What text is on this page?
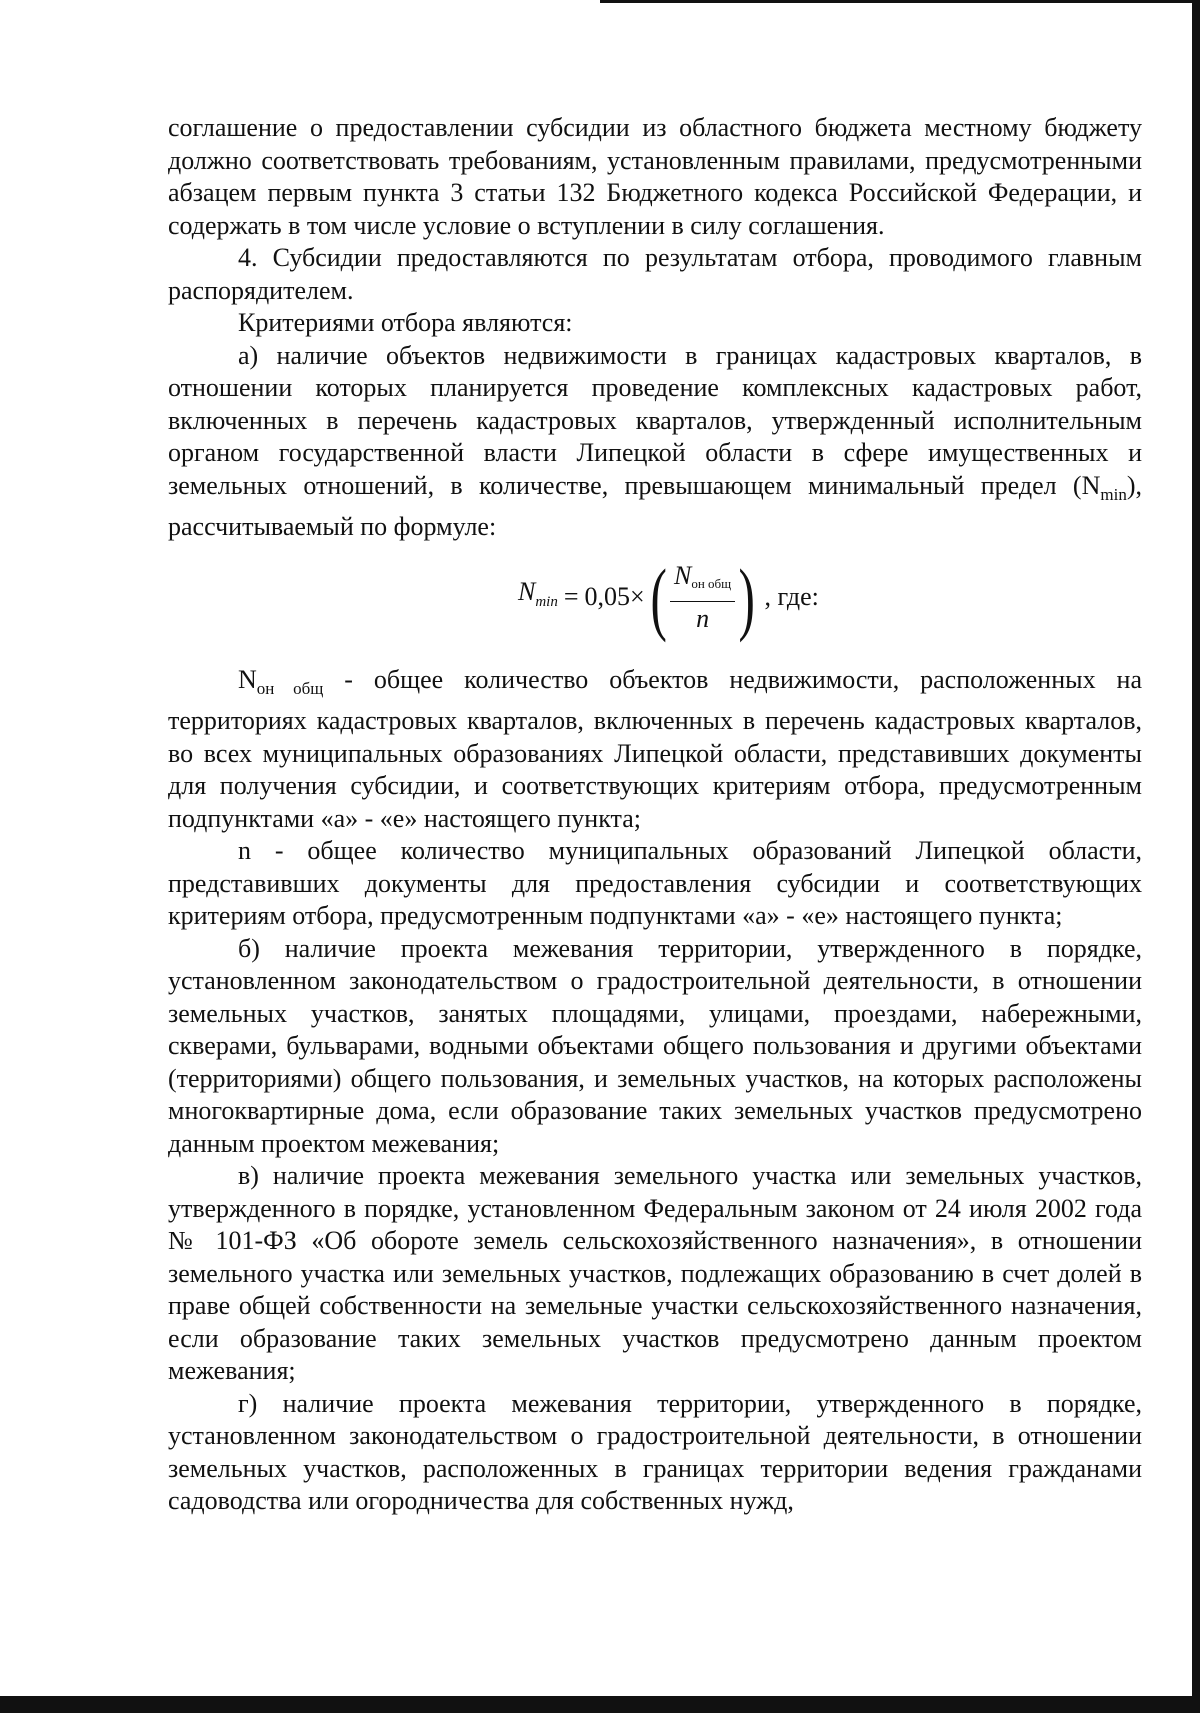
соглашение о предоставлении субсидии из областного бюджета местному бюджету должно соответствовать требованиям, установленным правилами, предусмотренными абзацем первым пункта 3 статьи 132 Бюджетного кодекса Российской Федерации, и содержать в том числе условие о вступлении в силу соглашения.

4. Субсидии предоставляются по результатам отбора, проводимого главным распорядителем.

Критериями отбора являются:

а) наличие объектов недвижимости в границах кадастровых кварталов, в отношении которых планируется проведение комплексных кадастровых работ, включенных в перечень кадастровых кварталов, утвержденный исполнительным органом государственной власти Липецкой области в сфере имущественных и земельных отношений, в количестве, превышающем минимальный предел $(N_{min})$, рассчитываемый по формуле:

$N_{min} = 0,05\times$ ( $\frac{N_{он общ}}{n}$ ) , где:

$N_{он общ}$ - общее количество объектов недвижимости, расположенных на территориях кадастровых кварталов, включенных в перечень кадастровых кварталов, во всех муниципальных образованиях Липецкой области, представивших документы для получения субсидии, и соответствующих критериям отбора, предусмотренным подпунктами «а» - «е» настоящего пункта;

n - общее количество муниципальных образований Липецкой области, представивших документы для предоставления субсидии и соответствующих критериям отбора, предусмотренным подпунктами «а» - «е» настоящего пункта;

б) наличие проекта межевания территории, утвержденного в порядке, установленном законодательством о градостроительной деятельности, в отношении земельных участков, занятых площадями, улицами, проездами, набережными, скверами, бульварами, водными объектами общего пользования и другими объектами (территориями) общего пользования, и земельных участков, на которых расположены многоквартирные дома, если образование таких земельных участков предусмотрено данным проектом межевания;

в) наличие проекта межевания земельного участка или земельных участков, утвержденного в порядке, установленном Федеральным законом от 24 июля 2002 года № 101-ФЗ «Об обороте земель сельскохозяйственного назначения», в отношении земельного участка или земельных участков, подлежащих образованию в счет долей в праве общей собственности на земельные участки сельскохозяйственного назначения, если образование таких земельных участков предусмотрено данным проектом межевания;

г) наличие проекта межевания территории, утвержденного в порядке, установленном законодательством о градостроительной деятельности, в отношении земельных участков, расположенных в границах территории ведения гражданами садоводства или огородничества для собственных нужд,
